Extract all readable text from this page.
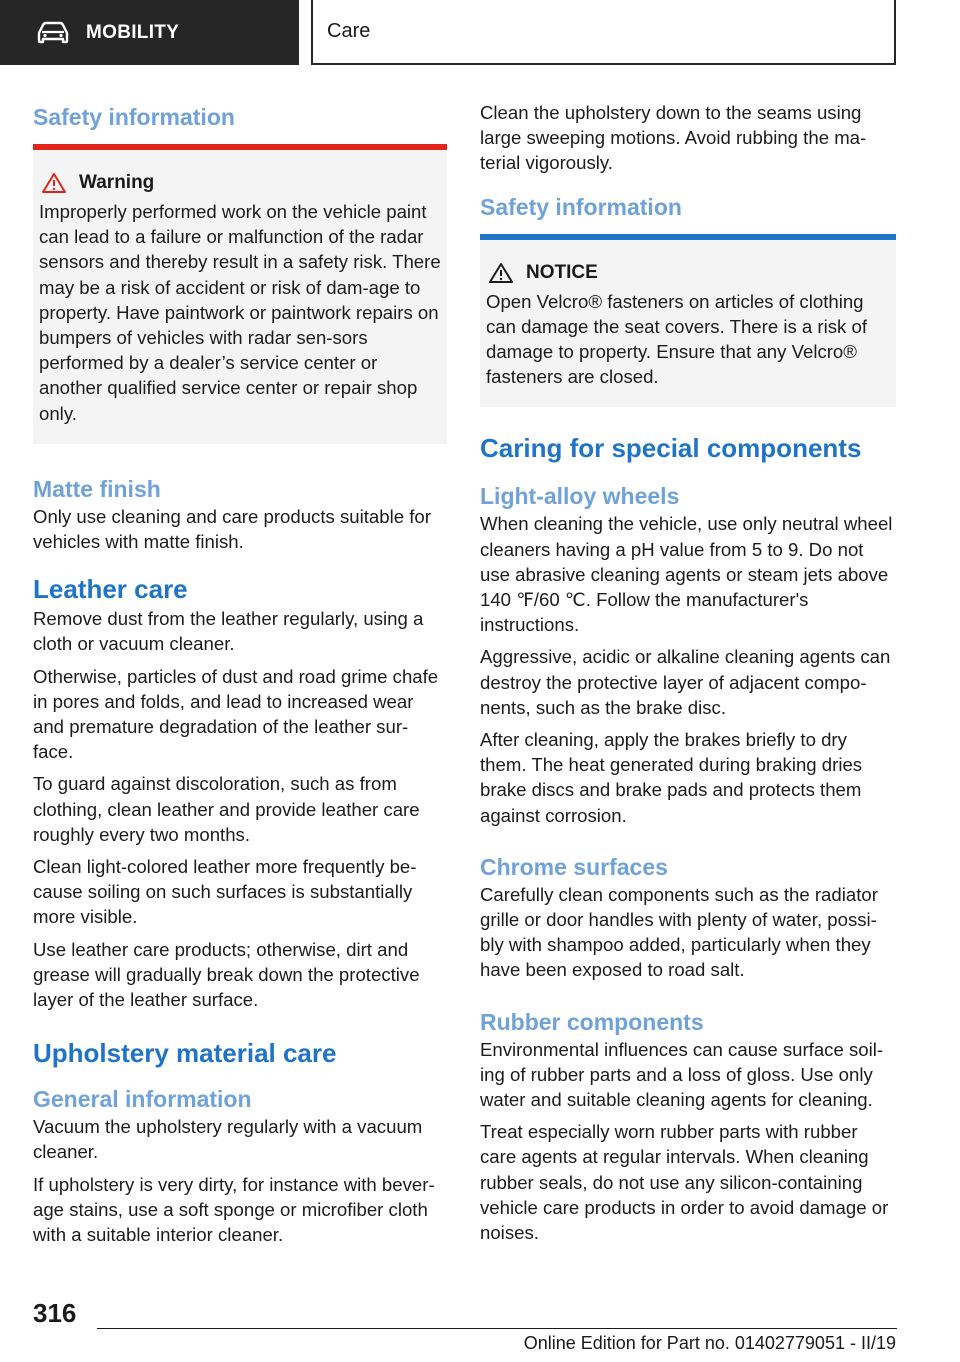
MOBILITY	Care
Safety information
Warning

Improperly performed work on the vehicle paint can lead to a failure or malfunction of the radar sensors and thereby result in a safety risk. There may be a risk of accident or risk of dam‐age to property. Have paintwork or paintwork repairs on bumpers of vehicles with radar sen‐sors performed by a dealer’s service center or another qualified service center or repair shop only.

Matte finish

Only use cleaning and care products suitable for vehicles with matte finish.

Leather care

Remove dust from the leather regularly, using a cloth or vacuum cleaner.

Otherwise, particles of dust and road grime chafe in pores and folds, and lead to increased wear and premature degradation of the leather sur‐face.

To guard against discoloration, such as from clothing, clean leather and provide leather care roughly every two months.

Clean light-colored leather more frequently be‐cause soiling on such surfaces is substantially more visible.

Use leather care products; otherwise, dirt and grease will gradually break down the protective layer of the leather surface.

Upholstery material care
General information

Vacuum the upholstery regularly with a vacuum cleaner.

If upholstery is very dirty, for instance with bever‐age stains, use a soft sponge or microfiber cloth with a suitable interior cleaner.

Clean the upholstery down to the seams using large sweeping motions. Avoid rubbing the ma‐terial vigorously.

Safety information
NOTICE

Open Velcro® fasteners on articles of clothing can damage the seat covers. There is a risk of damage to property. Ensure that any Velcro® fasteners are closed.

Caring for special components
Light-alloy wheels

When cleaning the vehicle, use only neutral wheel cleaners having a pH value from 5 to 9. Do not use abrasive cleaning agents or steam jets above 140 ℉/60 ℃. Follow the manufacturer's instructions.

Aggressive, acidic or alkaline cleaning agents can destroy the protective layer of adjacent compo‐nents, such as the brake disc.

After cleaning, apply the brakes briefly to dry them. The heat generated during braking dries brake discs and brake pads and protects them against corrosion.

Chrome surfaces

Carefully clean components such as the radiator grille or door handles with plenty of water, possi‐bly with shampoo added, particularly when they have been exposed to road salt.

Rubber components

Environmental influences can cause surface soil‐ing of rubber parts and a loss of gloss. Use only water and suitable cleaning agents for cleaning.

Treat especially worn rubber parts with rubber care agents at regular intervals. When cleaning rubber seals, do not use any silicon-containing vehicle care products in order to avoid damage or noises.

316
Online Edition for Part no. 01402779051 - II/19
